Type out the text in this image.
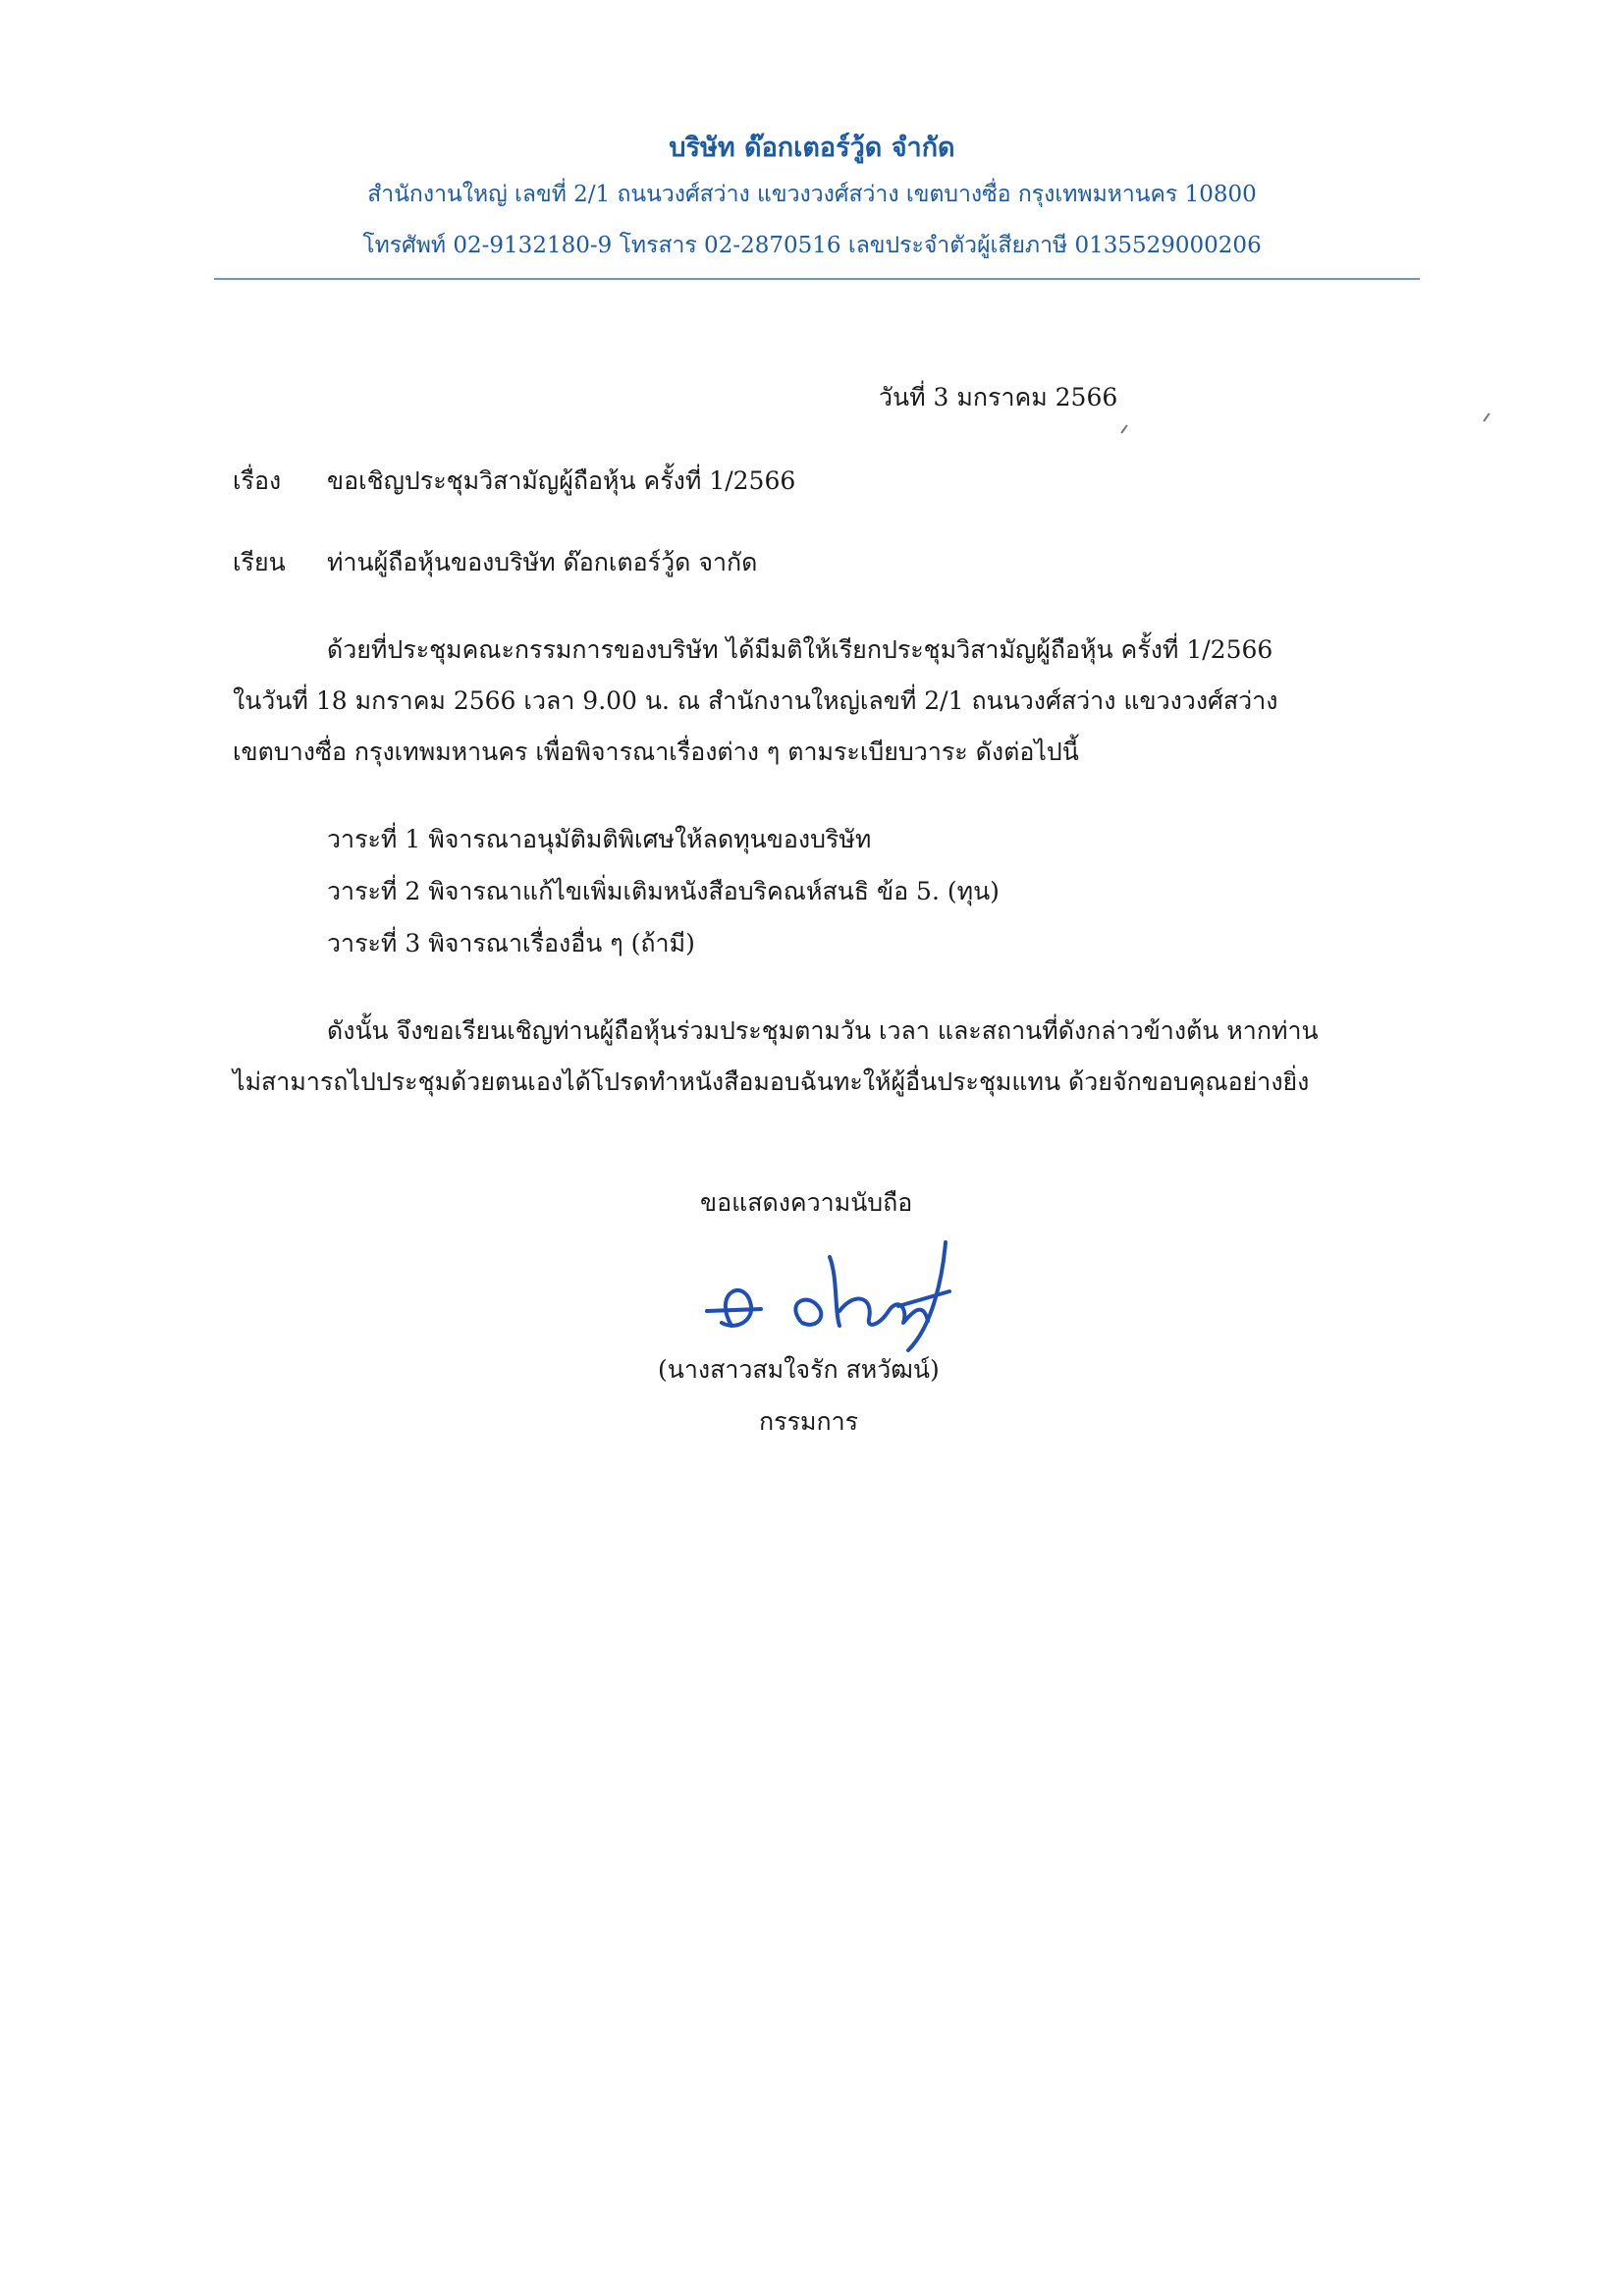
บริษัท ด๊อกเตอร์วู้ด จำกัด
สำนักงานใหญ่ เลขที่ 2/1 ถนนวงศ์สว่าง แขวงวงศ์สว่าง เขตบางซื่อ กรุงเทพมหานคร 10800
โทรศัพท์ 02-9132180-9 โทรสาร 02-2870516 เลขประจำตัวผู้เสียภาษี 0135529000206
วันที่ 3 มกราคม 2566
เรื่อง ขอเชิญประชุมวิสามัญผู้ถือหุ้น ครั้งที่ 1/2566
เรียน ท่านผู้ถือหุ้นของบริษัท ด๊อกเตอร์วู้ด จากัด
ด้วยที่ประชุมคณะกรรมการของบริษัท ได้มีมติให้เรียกประชุมวิสามัญผู้ถือหุ้น ครั้งที่ 1/2566
ในวันที่ 18 มกราคม 2566 เวลา 9.00 น. ณ สำนักงานใหญ่เลขที่ 2/1 ถนนวงศ์สว่าง แขวงวงศ์สว่าง
เขตบางซื่อ กรุงเทพมหานคร เพื่อพิจารณาเรื่องต่าง ๆ ตามระเบียบวาระ ดังต่อไปนี้
วาระที่ 1 พิจารณาอนุมัติมติพิเศษให้ลดทุนของบริษัท
วาระที่ 2 พิจารณาแก้ไขเพิ่มเติมหนังสือบริคณห์สนธิ ข้อ 5. (ทุน)
วาระที่ 3 พิจารณาเรื่องอื่น ๆ (ถ้ามี)
ดังนั้น จึงขอเรียนเชิญท่านผู้ถือหุ้นร่วมประชุมตามวัน เวลา และสถานที่ดังกล่าวข้างต้น หากท่าน
ไม่สามารถไปประชุมด้วยตนเองได้โปรดทำหนังสือมอบฉันทะให้ผู้อื่นประชุมแทน ด้วยจักขอบคุณอย่างยิ่ง
ขอแสดงความนับถือ
(นางสาวสมใจรัก สหวัฒน์)
กรรมการ
